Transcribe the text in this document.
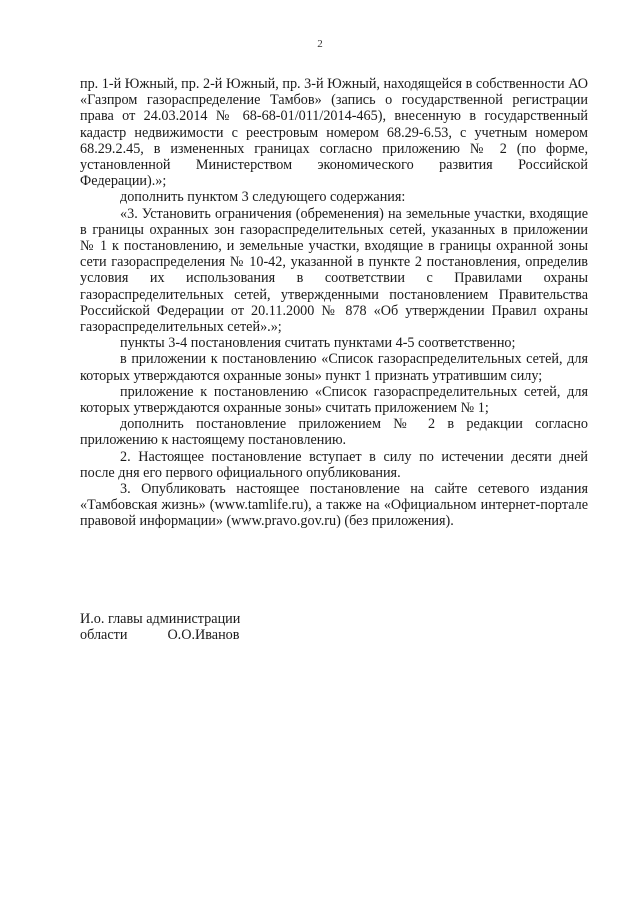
2

пр. 1-й Южный, пр. 2-й Южный, пр. 3-й Южный, находящейся в собственности АО «Газпром газораспределение Тамбов» (запись о государственной регистрации права от 24.03.2014 № 68-68-01/011/2014-465), внесенную в государственный кадастр недвижимости с реестровым номером 68.29-6.53, с учетным номером 68.29.2.45, в измененных границах согласно приложению № 2 (по форме, установленной Министерством экономического развития Российской Федерации).»;

дополнить пунктом 3 следующего содержания:

«3. Установить ограничения (обременения) на земельные участки, входящие в границы охранных зон газораспределительных сетей, указанных в приложении № 1 к постановлению, и земельные участки, входящие в границы охранной зоны сети газораспределения № 10-42, указанной в пункте 2 постановления, определив условия их использования в соответствии с Правилами охраны газораспределительных сетей, утвержденными постановлением Правительства Российской Федерации от 20.11.2000 № 878 «Об утверждении Правил охраны газораспределительных сетей».»;

пункты 3-4 постановления считать пунктами 4-5 соответственно;

в приложении к постановлению «Список газораспределительных сетей, для которых утверждаются охранные зоны» пункт 1 признать утратившим силу;

приложение к постановлению «Список газораспределительных сетей, для которых утверждаются охранные зоны» считать приложением № 1;

дополнить постановление приложением № 2 в редакции согласно приложению к настоящему постановлению.

2. Настоящее постановление вступает в силу по истечении десяти дней после дня его первого официального опубликования.

3. Опубликовать настоящее постановление на сайте сетевого издания «Тамбовская жизнь» (www.tamlife.ru), а также на «Официальном интернет-портале правовой информации» (www.pravo.gov.ru) (без приложения).

И.о. главы администрации
области	О.О.Иванов
